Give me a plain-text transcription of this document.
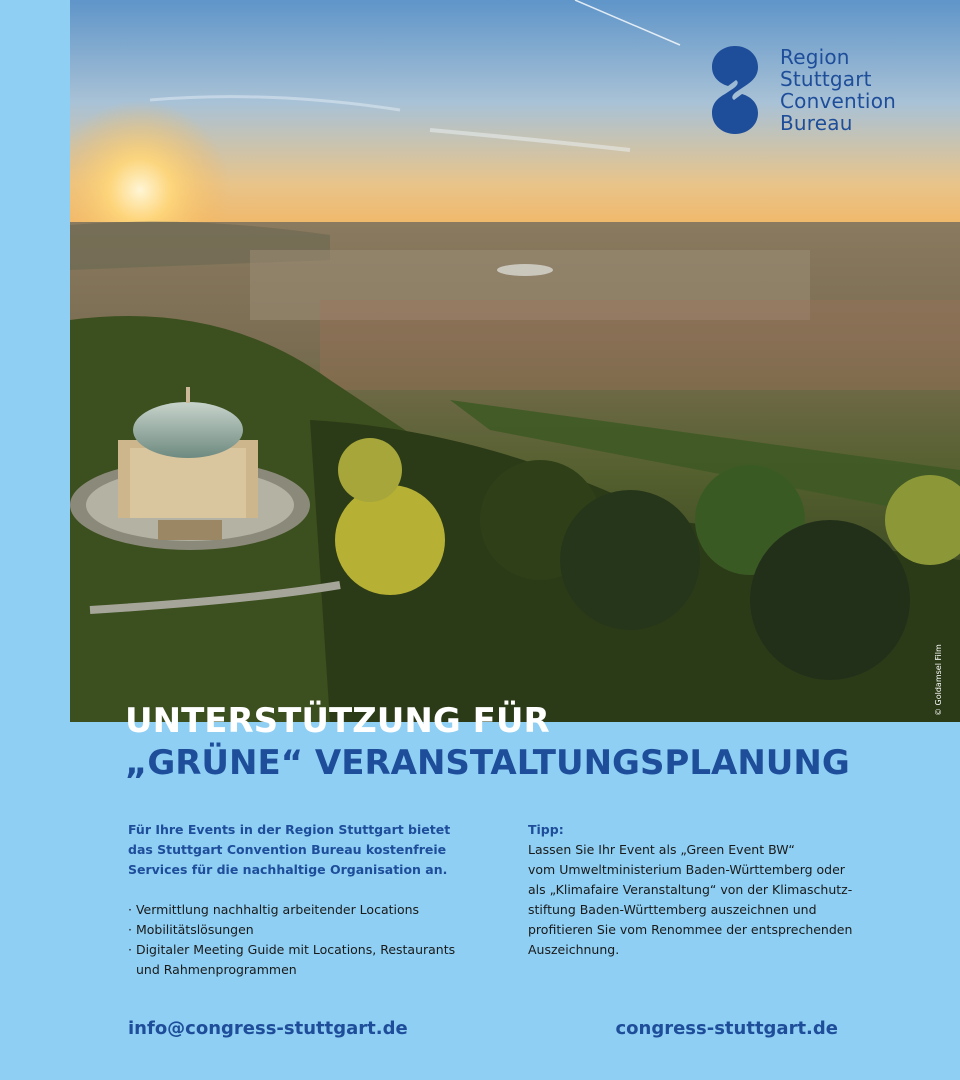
Region
Stuttgart
Convention
Bureau
© Goldamsel Film
UNTERSTÜTZUNG FÜR
„GRÜNE“ VERANSTALTUNGSPLANUNG

Für Ihre Events in der Region Stuttgart bietet
das Stuttgart Convention Bureau kostenfreie
Services für die nachhaltige Organisation an.

· Vermittlung nachhaltig arbeitender Locations
· Mobilitätslösungen
· Digitaler Meeting Guide mit Locations, Restaurants und Rahmenprogrammen

Tipp:

Lassen Sie Ihr Event als „Green Event BW“
vom Umweltministerium Baden-Württemberg oder
als „Klimafaire Veranstaltung“ von der Klimaschutz-
stiftung Baden-Württemberg auszeichnen und
profitieren Sie vom Renommee der entsprechenden
Auszeichnung.

info@congress-stuttgart.de	congress-stuttgart.de
